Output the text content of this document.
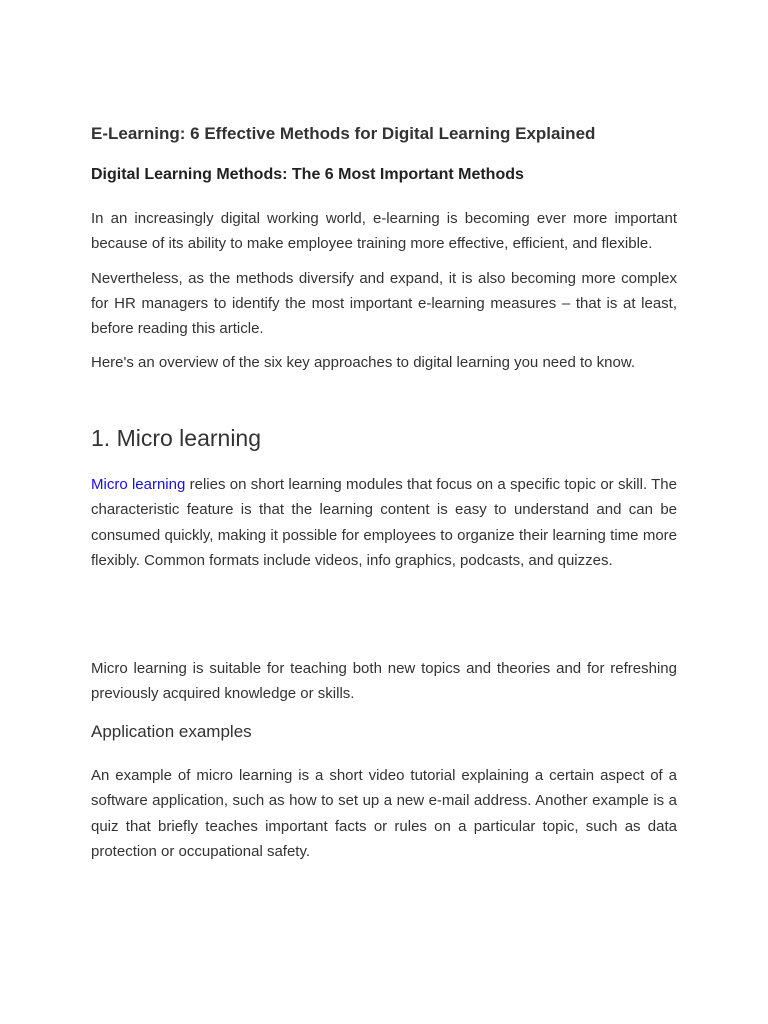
E-Learning: 6 Effective Methods for Digital Learning Explained
Digital Learning Methods: The 6 Most Important Methods

In an increasingly digital working world, e-learning is becoming ever more important because of its ability to make employee training more effective, efficient, and flexible.

Nevertheless, as the methods diversify and expand, it is also becoming more complex for HR managers to identify the most important e-learning measures – that is at least, before reading this article.

Here's an overview of the six key approaches to digital learning you need to know.

1. Micro learning

Micro learning relies on short learning modules that focus on a specific topic or skill. The characteristic feature is that the learning content is easy to understand and can be consumed quickly, making it possible for employees to organize their learning time more flexibly. Common formats include videos, info graphics, podcasts, and quizzes.

Micro learning is suitable for teaching both new topics and theories and for refreshing previously acquired knowledge or skills.

Application examples

An example of micro learning is a short video tutorial explaining a certain aspect of a software application, such as how to set up a new e-mail address. Another example is a quiz that briefly teaches important facts or rules on a particular topic, such as data protection or occupational safety.
